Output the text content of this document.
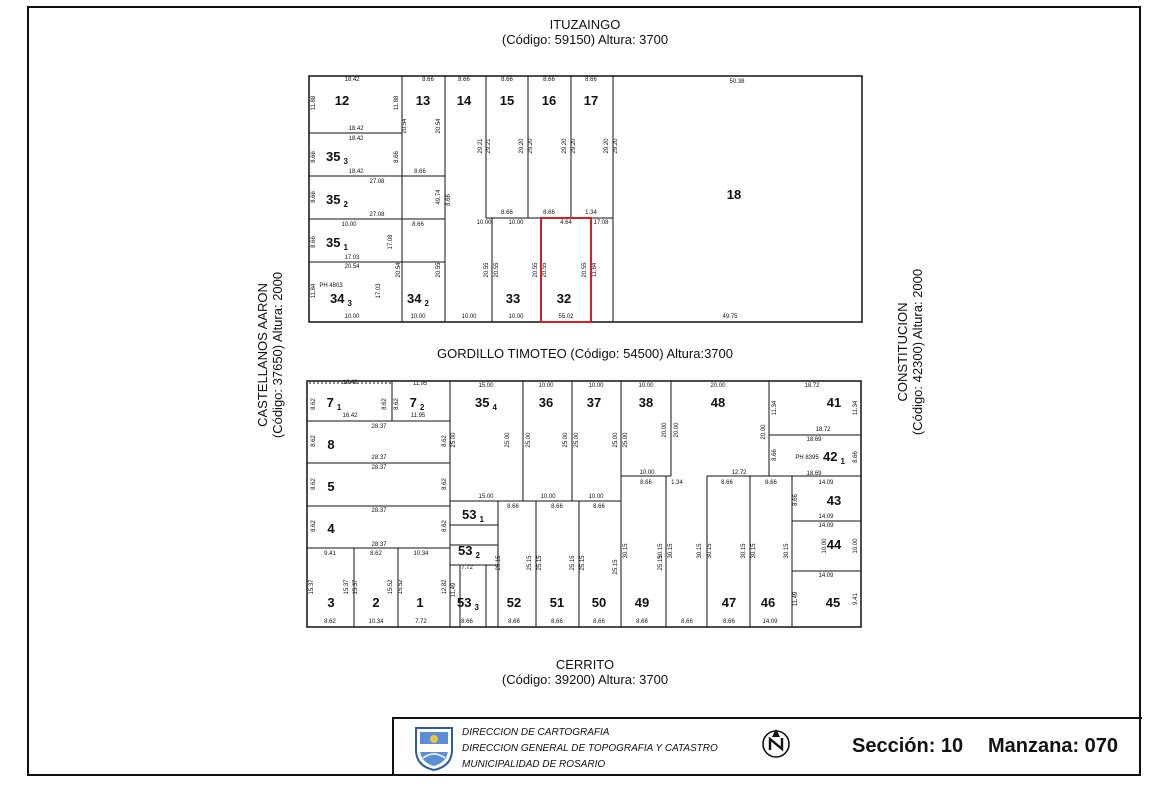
ITUZAINGO
(Código: 59150) Altura: 3700
GORDILLO TIMOTEO (Código: 54500) Altura:3700
CERRITO
(Código: 39200) Altura: 3700
CASTELLANOS AARON (Código: 37650) Altura: 2000	CONSTITUCION (Código: 42300) Altura: 2000
12	13 14 15 16 17
18
35 $_3$
35 $_2$
35 $_1$
34 $_3$	34 $_2$	33	32
7 $_1$	7 $_2$	35 $_4$	36	37	38	48	41
8
42 $_1$
5
43
4
53 $_1$
53 $_2$
44
3	2	1	53 $_3$ 52 51 50 49	47 46	45
PH 4803
PH 8395
18.42	8.66	8.66	8.66	8.66	8.66	50.38
11.88	11.88
20.54	20.54
18.42
18.42
8.66	8.66
29.21 29.21	29.20 29.20	29.20 29.20	29.20 29.20
18.42	8.66
27.08
8.66	49.74
27.08
8.66
8.66	8.66	1.34
10.00	10.00	4.64	17.08
10.00	8.66
8.66	17.08
17.03
20.54	20.54	20.55	20.55 20.55	20.55 20.55	20.55 11.84
11.84	17.03
10.00	10.00	10.00	10.00	55.02	49.75
16.42	11.95	15.00	10.00	10.00	10.00	20.00	18.72
8.62	8.62 8.62
16.42	11.95
11.34	11.34
28.37
25.00	25.00	25.00	25.00 25.00	25.00 25.00
20.00 20.00	18.72
20.00
18.69
8.62	8.62
28.37	8.66	8.66
10.00	12.72	18.69
28.37
8.62	8.62	8.66	1.34	8.66	8.66	14.09
15.00	10.00	10.00	8.66
28.37
8.66	8.66	8.66
14.09
8.62	8.62	14.09
10.00	10.00
28.37	30.15	30.15 30.15	30.15 30.15	30.15 30.15	30.15
9.41	8.62	10.34
7.72	25.15	25.15 25.15	25.15 25.15	25.15	25.15
14.09
15.37	15.37 15.37	15.52 15.52	12.82 11.49
11.49	9.41
8.62	10.34	7.72	8.66	8.66	8.66	8.66	8.66	8.66	8.66	14.09
DIRECCION DE CARTOGRAFIA
DIRECCION GENERAL DE TOPOGRAFIA Y CATASTRO
MUNICIPALIDAD DE ROSARIO
Sección: 10 Manzana: 070
